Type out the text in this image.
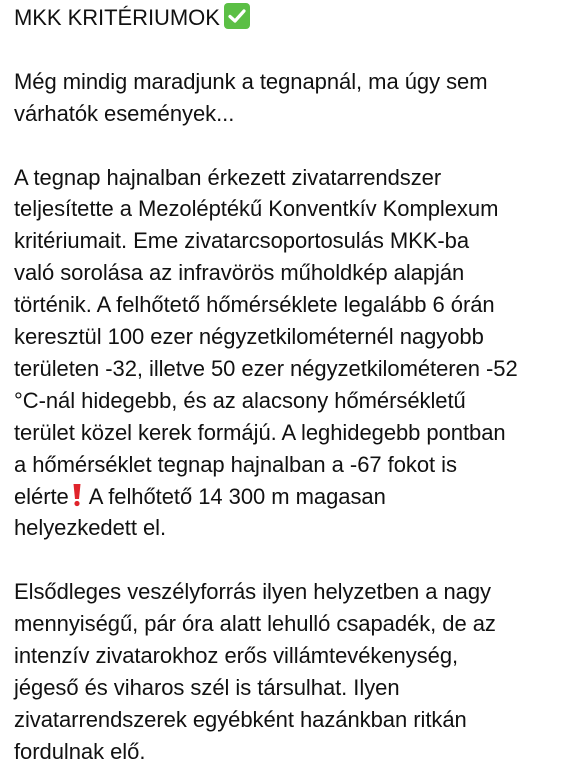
MKK KRITÉRIUMOK
Még mindig maradjunk a tegnapnál, ma úgy sem
várhatók események...
A tegnap hajnalban érkezett zivatarrendszer
teljesítette a Mezoléptékű Konventkív Komplexum
kritériumait. Eme zivatarcsoportosulás MKK-ba
való sorolása az infravörös műholdkép alapján
történik. A felhőtető hőmérséklete legalább 6 órán
keresztül 100 ezer négyzetkilométernél nagyobb
területen -32, illetve 50 ezer négyzetkilométeren -52
°C-nál hidegebb, és az alacsony hőmérsékletű
terület közel kerek formájú. A leghidegebb pontban
a hőmérséklet tegnap hajnalban a -67 fokot is
elérte A felhőtető 14 300 m magasan
helyezkedett el.
Elsődleges veszélyforrás ilyen helyzetben a nagy
mennyiségű, pár óra alatt lehulló csapadék, de az
intenzív zivatarokhoz erős villámtevékenység,
jégeső és viharos szél is társulhat. Ilyen
zivatarrendszerek egyébként hazánkban ritkán
fordulnak elő.
